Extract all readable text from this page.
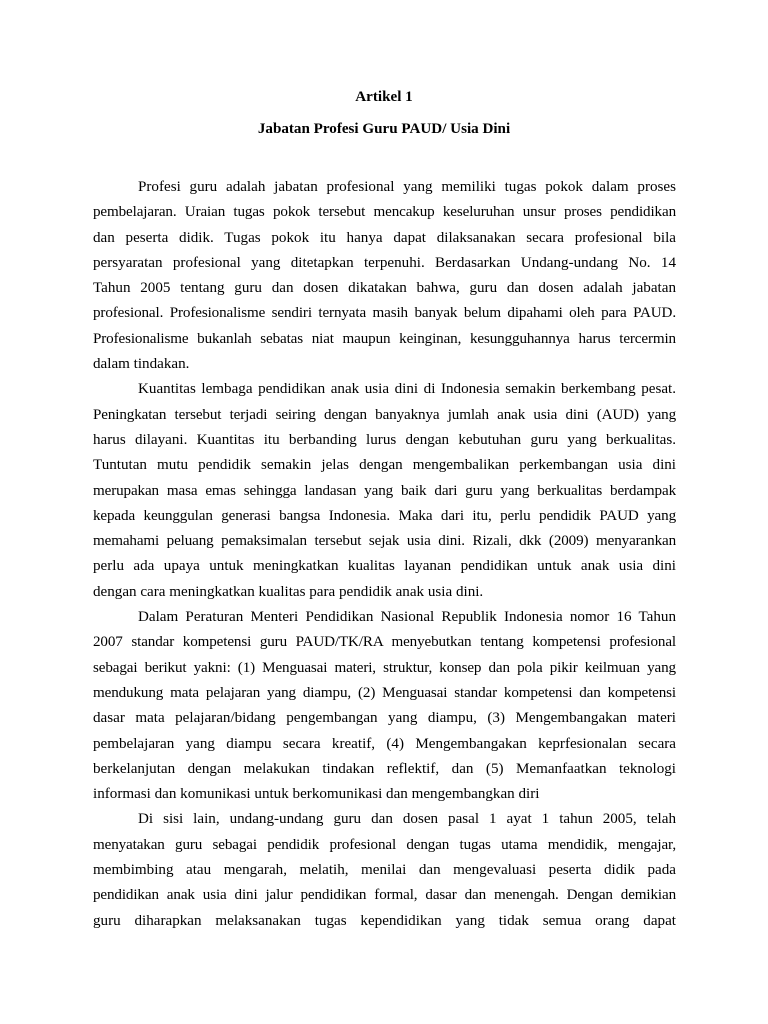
Artikel 1
Jabatan Profesi Guru PAUD/ Usia Dini
Profesi guru adalah jabatan profesional yang memiliki tugas pokok dalam proses
pembelajaran. Uraian tugas pokok tersebut mencakup keseluruhan unsur proses pendidikan
dan peserta didik. Tugas pokok itu hanya dapat dilaksanakan secara profesional bila
persyaratan profesional yang ditetapkan terpenuhi. Berdasarkan Undang-undang No. 14
Tahun 2005 tentang guru dan dosen dikatakan bahwa, guru dan dosen adalah jabatan
profesional. Profesionalisme sendiri ternyata masih banyak belum dipahami oleh para PAUD.
Profesionalisme bukanlah sebatas niat maupun keinginan, kesungguhannya harus tercermin
dalam tindakan.
Kuantitas lembaga pendidikan anak usia dini di Indonesia semakin berkembang pesat.
Peningkatan tersebut terjadi seiring dengan banyaknya jumlah anak usia dini (AUD) yang
harus dilayani. Kuantitas itu berbanding lurus dengan kebutuhan guru yang berkualitas.
Tuntutan mutu pendidik semakin jelas dengan mengembalikan perkembangan usia dini
merupakan masa emas sehingga landasan yang baik dari guru yang berkualitas berdampak
kepada keunggulan generasi bangsa Indonesia. Maka dari itu, perlu pendidik PAUD yang
memahami peluang pemaksimalan tersebut sejak usia dini. Rizali, dkk (2009) menyarankan
perlu ada upaya untuk meningkatkan kualitas layanan pendidikan untuk anak usia dini
dengan cara meningkatkan kualitas para pendidik anak usia dini.
Dalam Peraturan Menteri Pendidikan Nasional Republik Indonesia nomor 16 Tahun
2007 standar kompetensi guru PAUD/TK/RA menyebutkan tentang kompetensi profesional
sebagai berikut yakni: (1) Menguasai materi, struktur, konsep dan pola pikir keilmuan yang
mendukung mata pelajaran yang diampu, (2) Menguasai standar kompetensi dan kompetensi
dasar mata pelajaran/bidang pengembangan yang diampu, (3) Mengembangakan materi
pembelajaran yang diampu secara kreatif, (4) Mengembangakan keprfesionalan secara
berkelanjutan dengan melakukan tindakan reflektif, dan (5) Memanfaatkan teknologi
informasi dan komunikasi untuk berkomunikasi dan mengembangkan diri
Di sisi lain, undang-undang guru dan dosen pasal 1 ayat 1 tahun 2005, telah
menyatakan guru sebagai pendidik profesional dengan tugas utama mendidik, mengajar,
membimbing atau mengarah, melatih, menilai dan mengevaluasi peserta didik pada
pendidikan anak usia dini jalur pendidikan formal, dasar dan menengah. Dengan demikian
guru diharapkan melaksanakan tugas kependidikan yang tidak semua orang dapat
